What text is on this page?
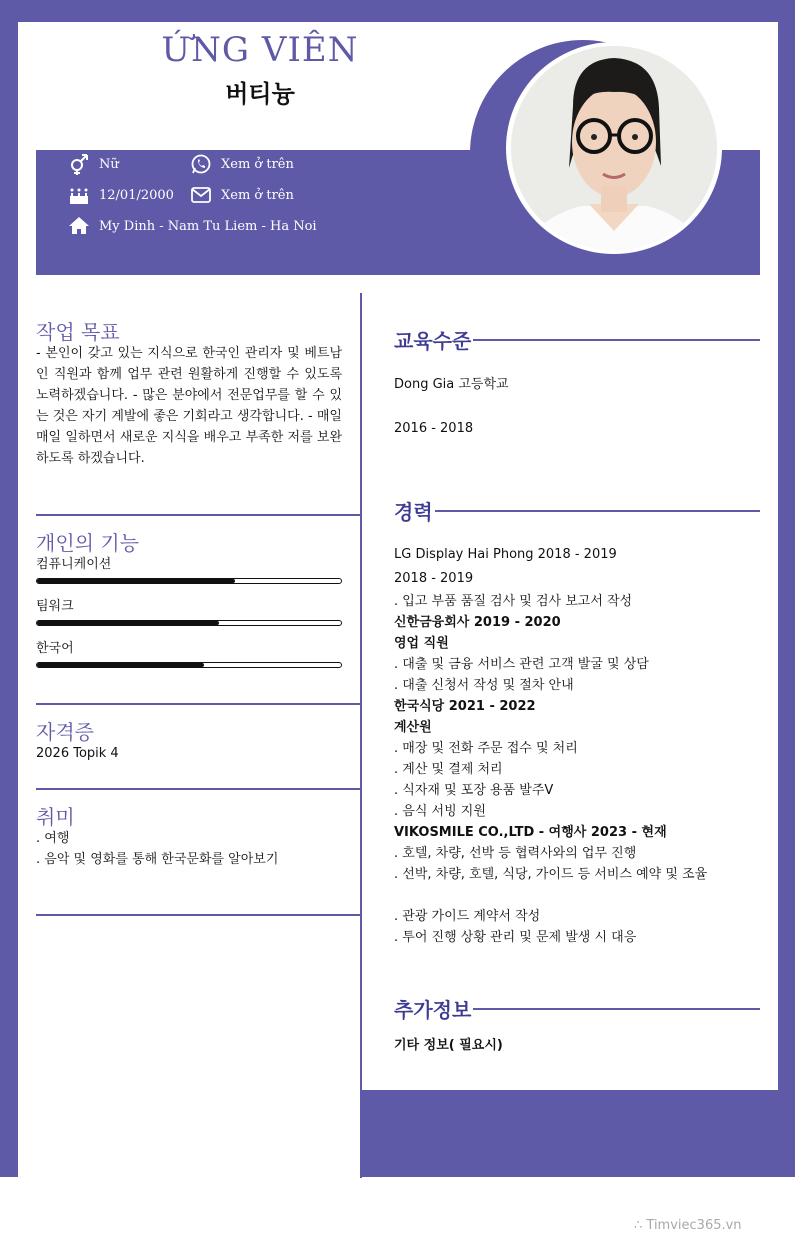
ỨNG VIÊN
버티늉
Nữ	Xem ở trên
12/01/2000	Xem ở trên
My Dinh - Nam Tu Liem - Ha Noi
작업 목표
- 본인이 갖고 있는 지식으로 한국인 관리자 및 베트남인 직원과 함께 업무 관련 원활하게 진행할 수 있도록 노력하겠습니다. - 많은 분야에서 전문업무를 할 수 있는 것은 자기 계발에 좋은 기회라고 생각합니다. - 매일매일 일하면서 새로운 지식을 배우고 부족한 저를 보완하도록 하겠습니다.
개인의 기능
컴퓨니케이션
팀워크
한국어
자격증
2026 Topik 4
취미
. 여행
. 음악 및 영화를 통해 한국문화를 알아보기
교육수준
Dong Gia 고등학교
2016 - 2018
경력
LG Display Hai Phong 2018 - 2019
2018 - 2019
. 입고 부품 품질 검사 및 검사 보고서 작성
신한금융회사 2019 - 2020
영업 직원
. 대출 및 금융 서비스 관련 고객 발굴 및 상담
. 대출 신청서 작성 및 절차 안내
한국식당 2021 - 2022
계산원
. 매장 및 전화 주문 접수 및 처리
. 계산 및 결제 처리
. 식자재 및 포장 용품 발주V
. 음식 서빙 지원
VIKOSMILE CO.,LTD - 여행사 2023 - 현재
. 호텔, 차량, 선박 등 협력사와의 업무 진행
. 선박, 차량, 호텔, 식당, 가이드 등 서비스 예약 및 조율
. 관광 가이드 계약서 작성
. 투어 진행 상황 관리 및 문제 발생 시 대응
추가정보
기타 정보( 필요시)
∴ Timviec365.vn
